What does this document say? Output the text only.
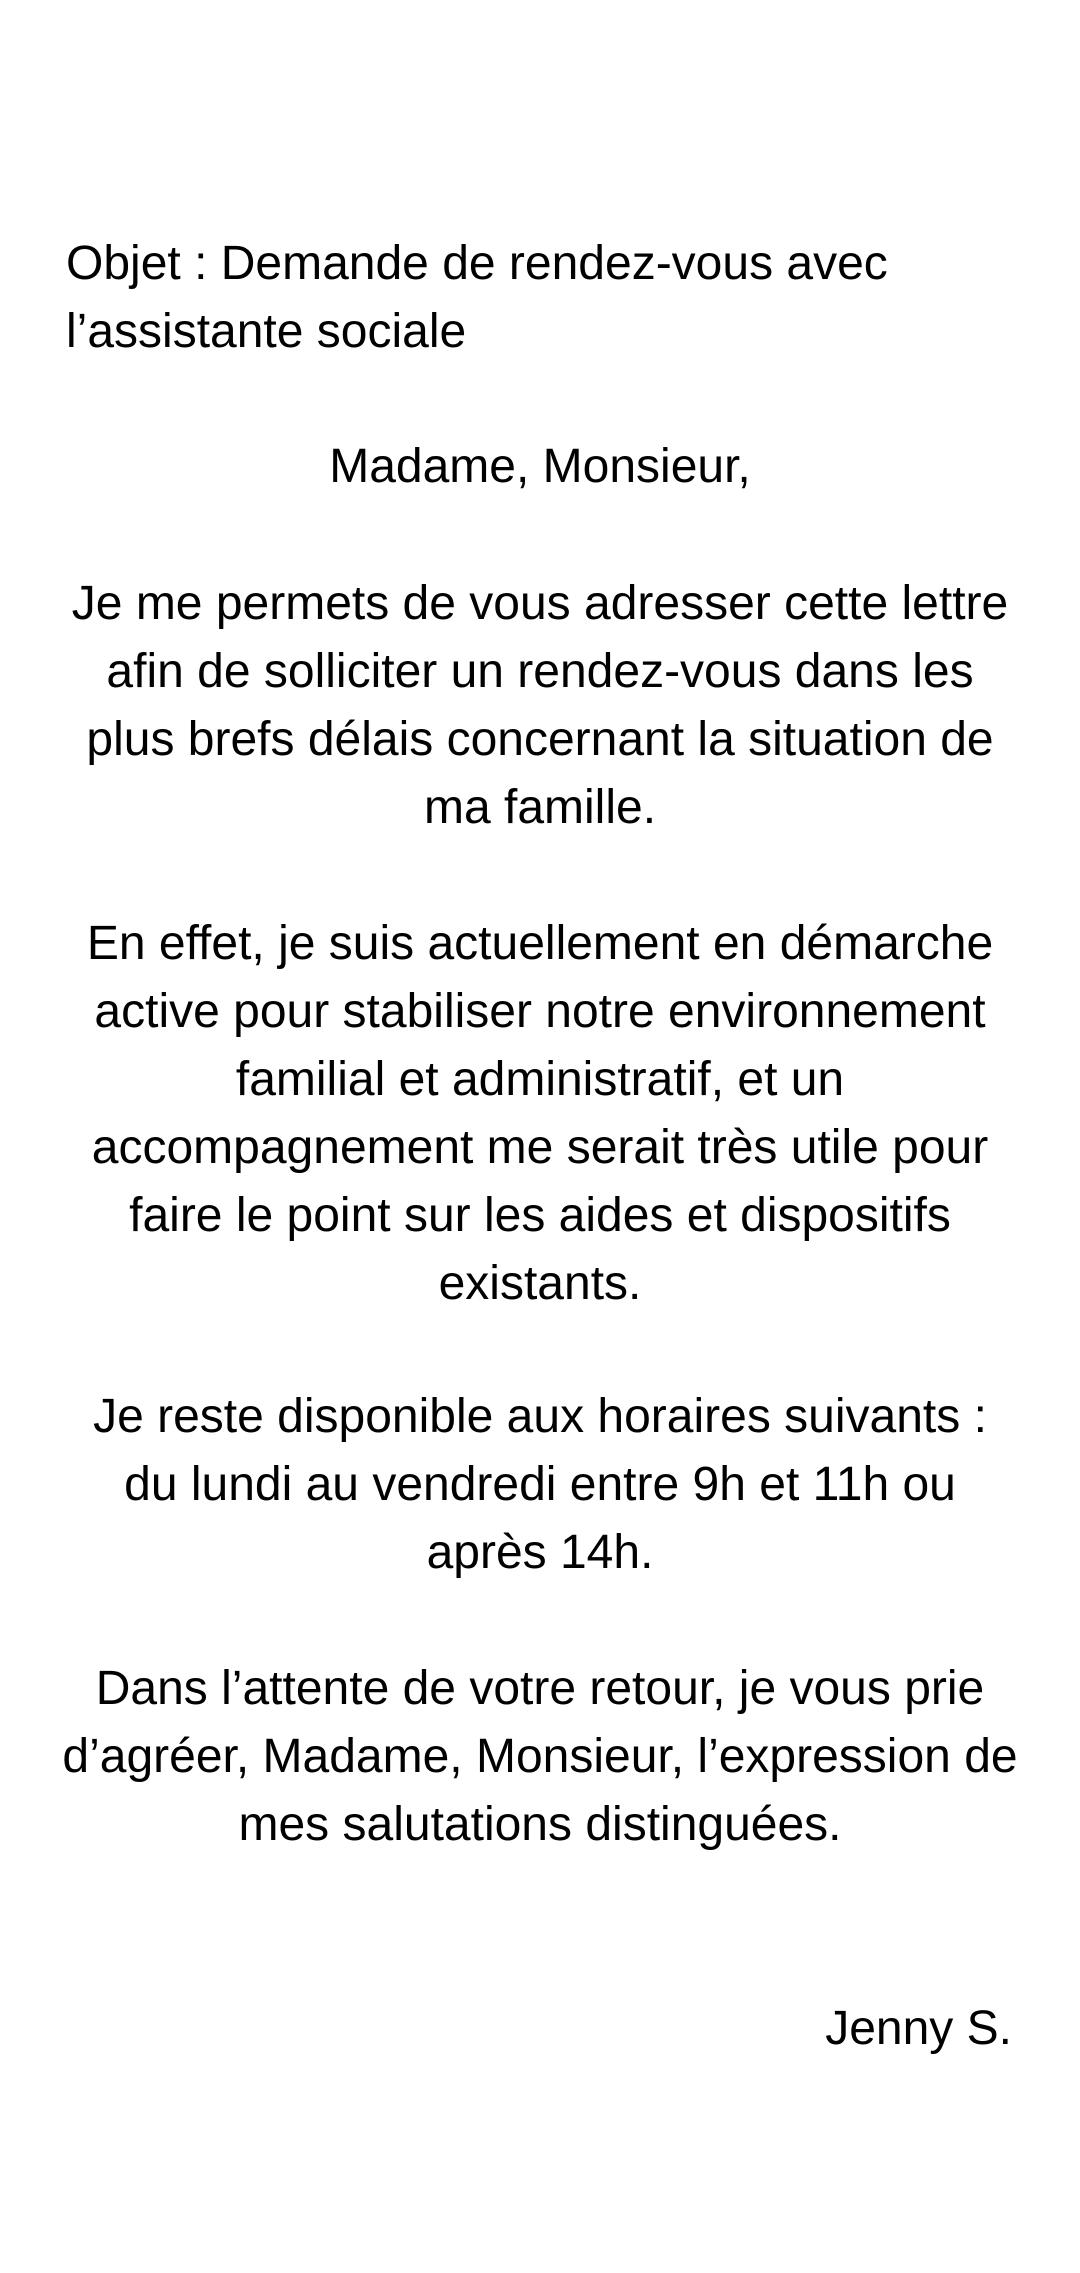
Objet : Demande de rendez-vous avec l’assistante sociale

Madame, Monsieur,

Je me permets de vous adresser cette lettre afin de solliciter un rendez-vous dans les plus brefs délais concernant la situation de ma famille.

En effet, je suis actuellement en démarche active pour stabiliser notre environnement familial et administratif, et un accompagnement me serait très utile pour faire le point sur les aides et dispositifs existants.

Je reste disponible aux horaires suivants : du lundi au vendredi entre 9h et 11h ou après 14h.

Dans l’attente de votre retour, je vous prie d’agréer, Madame, Monsieur, l’expression de mes salutations distinguées.

Jenny S.
